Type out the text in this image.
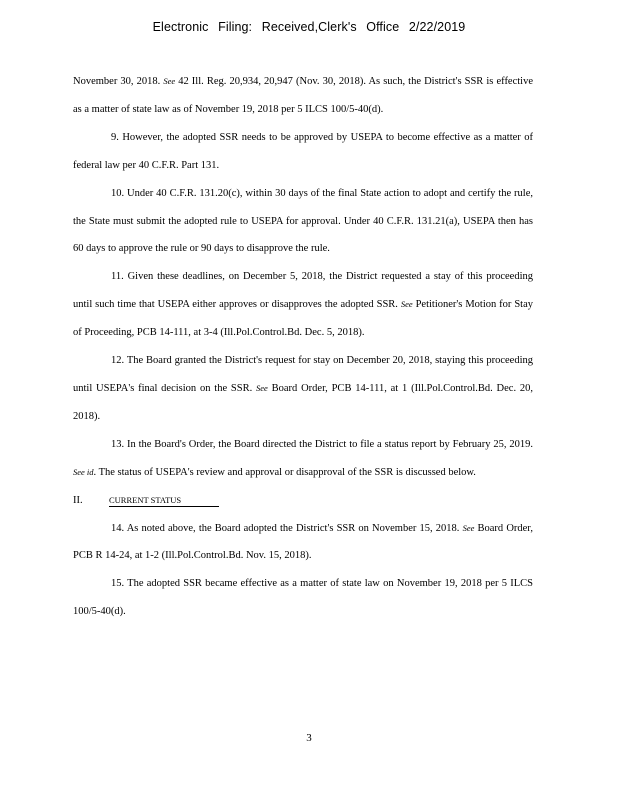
Electronic Filing: Received,Clerk's Office 2/22/2019

November 30, 2018. See 42 Ill. Reg. 20,934, 20,947 (Nov. 30, 2018). As such, the District's SSR is effective as a matter of state law as of November 19, 2018 per 5 ILCS 100/5-40(d).

9. However, the adopted SSR needs to be approved by USEPA to become effective as a matter of federal law per 40 C.F.R. Part 131.

10. Under 40 C.F.R. 131.20(c), within 30 days of the final State action to adopt and certify the rule, the State must submit the adopted rule to USEPA for approval. Under 40 C.F.R. 131.21(a), USEPA then has 60 days to approve the rule or 90 days to disapprove the rule.

11. Given these deadlines, on December 5, 2018, the District requested a stay of this proceeding until such time that USEPA either approves or disapproves the adopted SSR. See Petitioner's Motion for Stay of Proceeding, PCB 14-111, at 3-4 (Ill.Pol.Control.Bd. Dec. 5, 2018).

12. The Board granted the District's request for stay on December 20, 2018, staying this proceeding until USEPA's final decision on the SSR. See Board Order, PCB 14-111, at 1 (Ill.Pol.Control.Bd. Dec. 20, 2018).

13. In the Board's Order, the Board directed the District to file a status report by February 25, 2019. See id. The status of USEPA's review and approval or disapproval of the SSR is discussed below.

II.	CURRENT STATUS

14. As noted above, the Board adopted the District's SSR on November 15, 2018. See Board Order, PCB R 14-24, at 1-2 (Ill.Pol.Control.Bd. Nov. 15, 2018).

15. The adopted SSR became effective as a matter of state law on November 19, 2018 per 5 ILCS 100/5-40(d).

3
